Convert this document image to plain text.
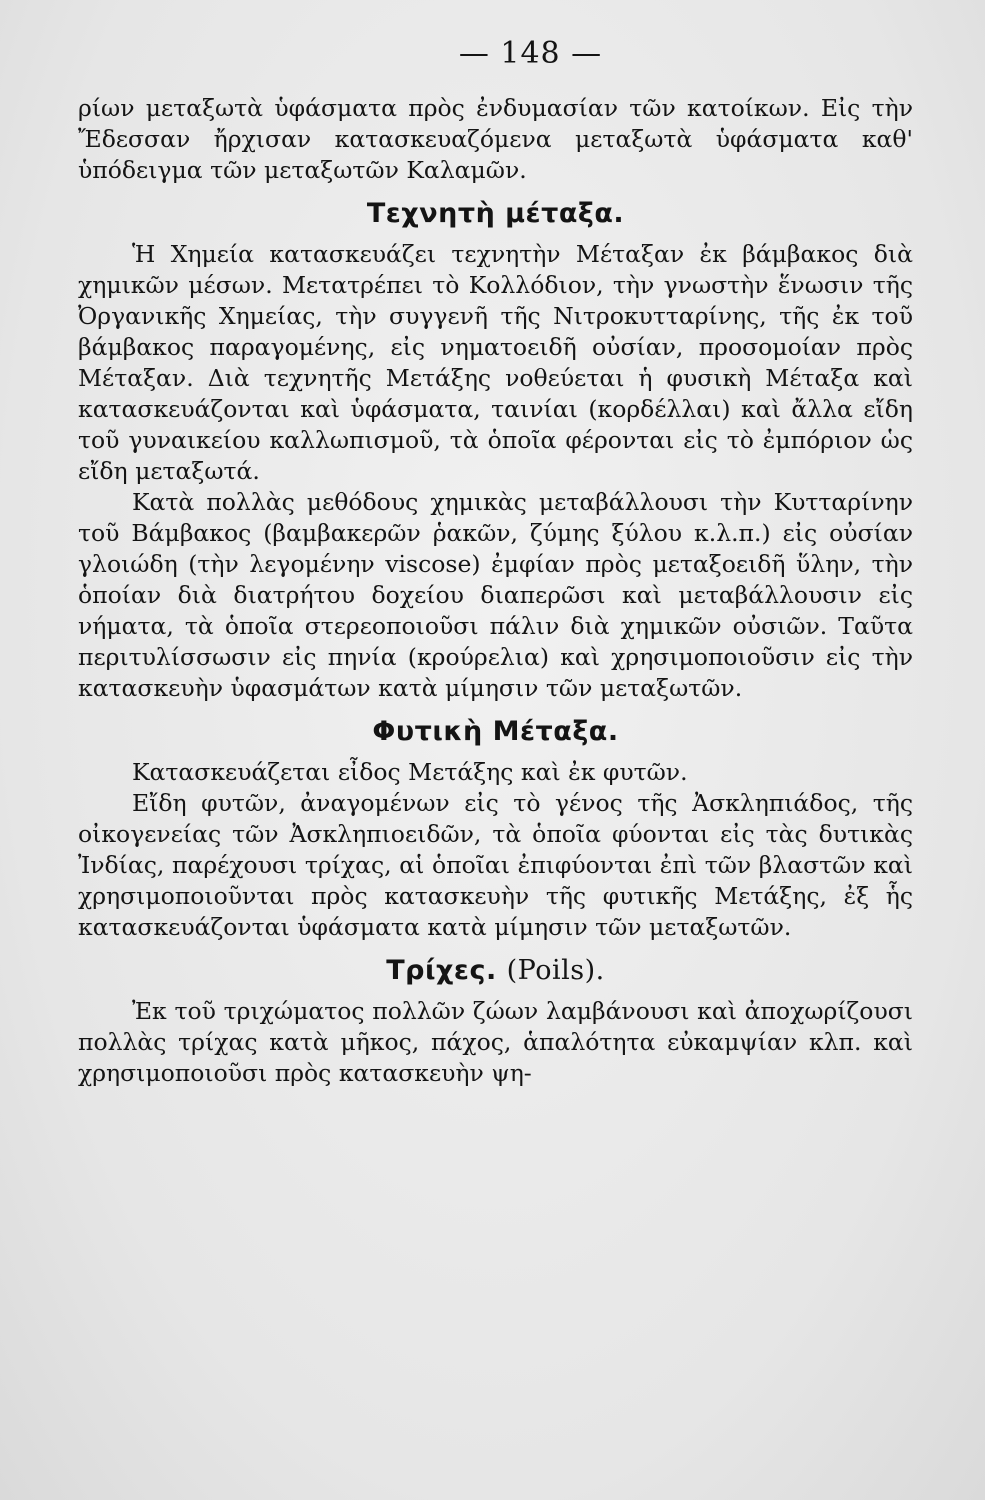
— 148 —

ρίων μεταξωτὰ ὑφάσματα πρὸς ἐνδυμασίαν τῶν κατοίκων. Εἰς τὴν Ἔδεσσαν ἤρχισαν κατασκευαζόμενα μεταξωτὰ ὑφάσματα καθ' ὑπόδειγμα τῶν μεταξωτῶν Καλαμῶν.

Τεχνητὴ μέταξα.

Ἡ Χημεία κατασκευάζει τεχνητὴν Μέταξαν ἐκ βάμβακος διὰ χημικῶν μέσων. Μετατρέπει τὸ Κολλόδιον, τὴν γνωστὴν ἕνωσιν τῆς Ὀργανικῆς Χημείας, τὴν συγγενῆ τῆς Νιτροκυτταρίνης, τῆς ἐκ τοῦ βάμβακος παραγομένης, εἰς νηματοειδῆ οὐσίαν, προσομοίαν πρὸς Μέταξαν. Διὰ τεχνητῆς Μετάξης νοθεύεται ἡ φυσικὴ Μέταξα καὶ κατασκευάζονται καὶ ὑφάσματα, ταινίαι (κορδέλλαι) καὶ ἄλλα εἴδη τοῦ γυναικείου καλλωπισμοῦ, τὰ ὁποῖα φέρονται εἰς τὸ ἐμπόριον ὡς εἴδη μεταξωτά.

Κατὰ πολλὰς μεθόδους χημικὰς μεταβάλλουσι τὴν Κυτταρίνην τοῦ Βάμβακος (βαμβακερῶν ῥακῶν, ζύμης ξύλου κ.λ.π.) εἰς οὐσίαν γλοιώδη (τὴν λεγομένην viscose) ἐμφίαν πρὸς μεταξοειδῆ ὕλην, τὴν ὁποίαν διὰ διατρήτου δοχείου διαπερῶσι καὶ μεταβάλλουσιν εἰς νήματα, τὰ ὁποῖα στερεοποιοῦσι πάλιν διὰ χημικῶν οὐσιῶν. Ταῦτα περιτυλίσσωσιν εἰς πηνία (κρούρελια) καὶ χρησιμοποιοῦσιν εἰς τὴν κατασκευὴν ὑφασμάτων κατὰ μίμησιν τῶν μεταξωτῶν.

Φυτικὴ Μέταξα.

Κατασκευάζεται εἶδος Μετάξης καὶ ἐκ φυτῶν.

Εἴδη φυτῶν, ἀναγομένων εἰς τὸ γένος τῆς Ἀσκληπιάδος, τῆς οἰκογενείας τῶν Ἀσκληπιοειδῶν, τὰ ὁποῖα φύονται εἰς τὰς δυτικὰς Ἰνδίας, παρέχουσι τρίχας, αἱ ὁποῖαι ἐπιφύονται ἐπὶ τῶν βλαστῶν καὶ χρησιμοποιοῦνται πρὸς κατασκευὴν τῆς φυτικῆς Μετάξης, ἐξ ἧς κατασκευάζονται ὑφάσματα κατὰ μίμησιν τῶν μεταξωτῶν.

Τρίχες. (Poils).

Ἐκ τοῦ τριχώματος πολλῶν ζώων λαμβάνουσι καὶ ἀποχωρίζουσι πολλὰς τρίχας κατὰ μῆκος, πάχος, ἁπαλότητα εὐκαμψίαν κλπ. καὶ χρησιμοποιοῦσι πρὸς κατασκευὴν ψη-
